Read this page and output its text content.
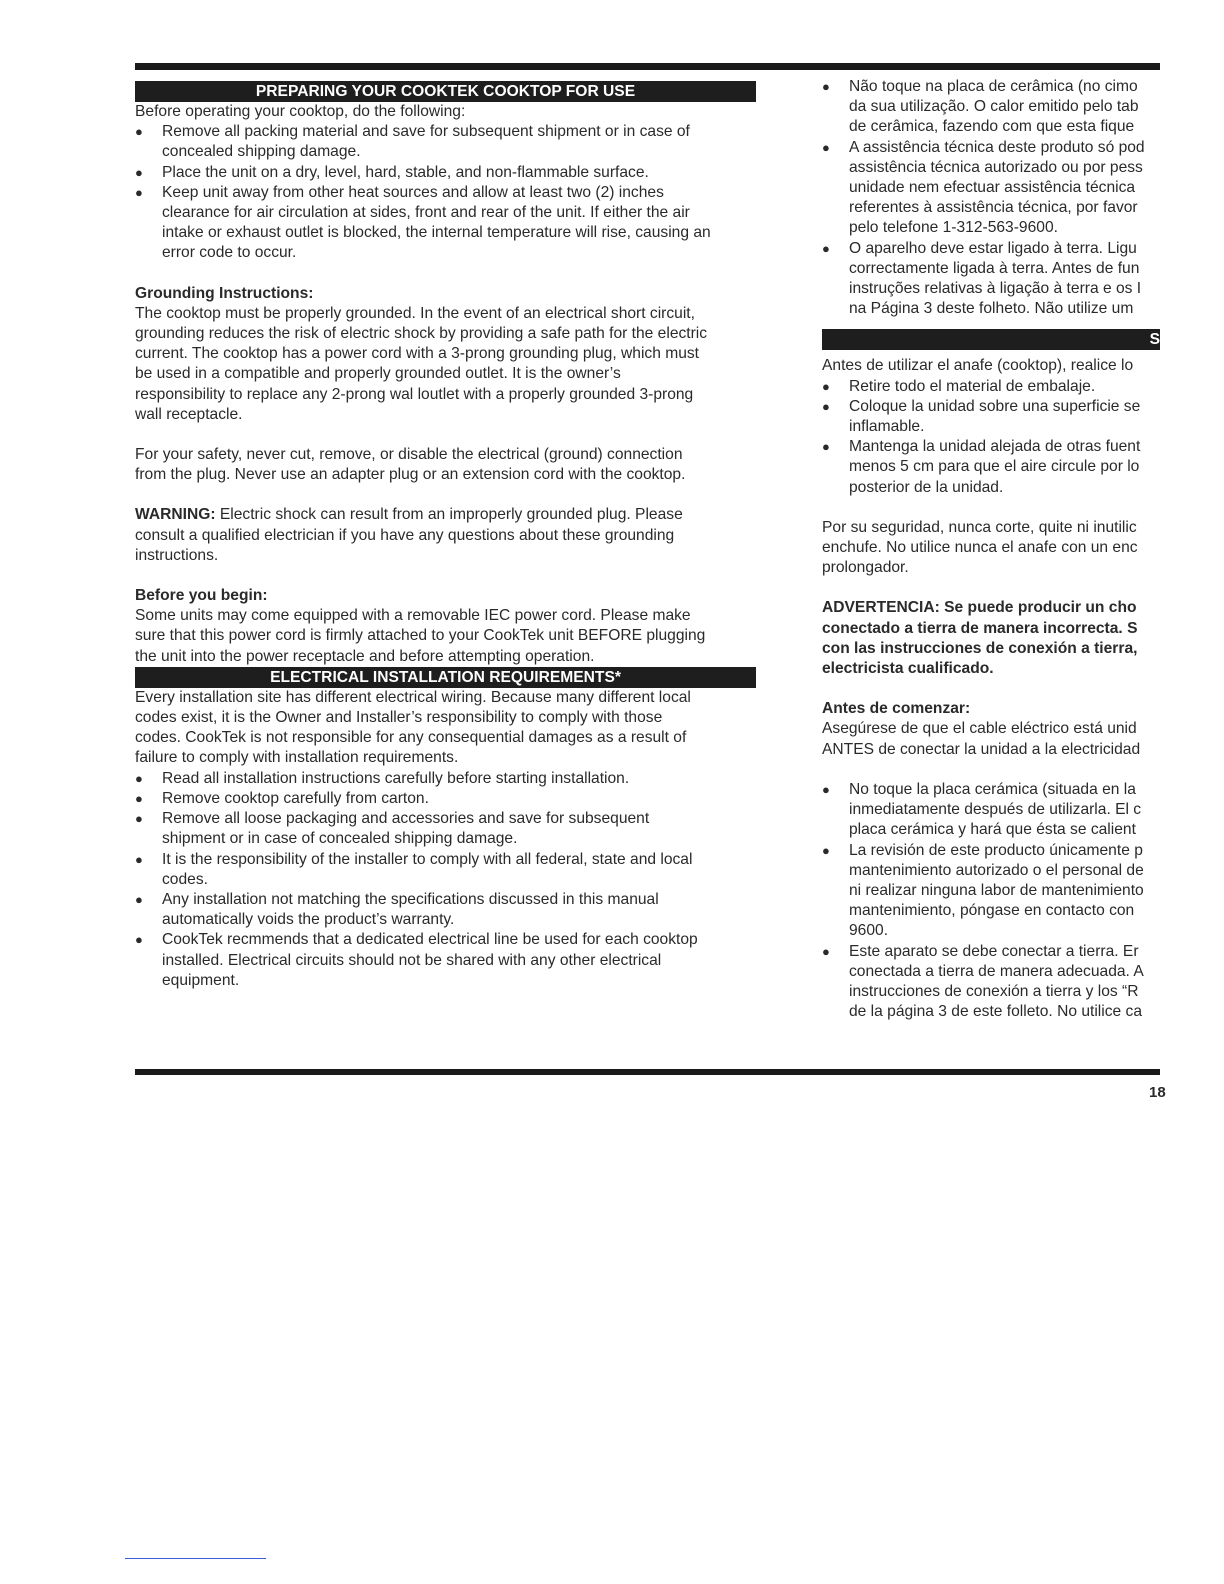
PREPARING YOUR COOKTEK COOKTOP FOR USE

Before operating your cooktop, do the following:

● Remove all packing material and save for subsequent shipment or in case of
concealed shipping damage.
● Place the unit on a dry, level, hard, stable, and non-flammable surface.
● Keep unit away from other heat sources and allow at least two (2) inches
clearance for air circulation at sides, front and rear of the unit. If either the air
intake or exhaust outlet is blocked, the internal temperature will rise, causing an
error code to occur.

Grounding Instructions:

The cooktop must be properly grounded. In the event of an electrical short circuit,
grounding reduces the risk of electric shock by providing a safe path for the electric
current. The cooktop has a power cord with a 3-prong grounding plug, which must
be used in a compatible and properly grounded outlet. It is the owner’s
responsibility to replace any 2-prong wal loutlet with a properly grounded 3-prong
wall receptacle.
For your safety, never cut, remove, or disable the electrical (ground) connection
from the plug. Never use an adapter plug or an extension cord with the cooktop.
WARNING: Electric shock can result from an improperly grounded plug. Please
consult a qualified electrician if you have any questions about these grounding
instructions.

Before you begin:

Some units may come equipped with a removable IEC power cord. Please make
sure that this power cord is firmly attached to your CookTek unit BEFORE plugging
the unit into the power receptacle and before attempting operation.
ELECTRICAL INSTALLATION REQUIREMENTS*
Every installation site has different electrical wiring. Because many different local
codes exist, it is the Owner and Installer’s responsibility to comply with those
codes. CookTek is not responsible for any consequential damages as a result of
failure to comply with installation requirements.
● Read all installation instructions carefully before starting installation.
● Remove cooktop carefully from carton.
● Remove all loose packaging and accessories and save for subsequent
shipment or in case of concealed shipping damage.
● It is the responsibility of the installer to comply with all federal, state and local
codes.
● Any installation not matching the specifications discussed in this manual
automatically voids the product’s warranty.
● CookTek recmmends that a dedicated electrical line be used for each cooktop
installed. Electrical circuits should not be shared with any other electrical
equipment.
● Não toque na placa de cerâmica (no cimo
da sua utilização. O calor emitido pelo tab
de cerâmica, fazendo com que esta fique
● A assistência técnica deste produto só pod
assistência técnica autorizado ou por pess
unidade nem efectuar assistência técnica
referentes à assistência técnica, por favor
pelo telefone 1-312-563-9600.
● O aparelho deve estar ligado à terra. Ligu
correctamente ligada à terra. Antes de fun
instruções relativas à ligação à terra e os I
na Página 3 deste folheto. Não utilize um
S

Antes de utilizar el anafe (cooktop), realice lo

● Retire todo el material de embalaje.
● Coloque la unidad sobre una superficie se
inflamable.
● Mantenga la unidad alejada de otras fuent
menos 5 cm para que el aire circule por lo
posterior de la unidad.
Por su seguridad, nunca corte, quite ni inutilic
enchufe. No utilice nunca el anafe con un enc
prolongador.
ADVERTENCIA: Se puede producir un cho
conectado a tierra de manera incorrecta. S
con las instrucciones de conexión a tierra,
electricista cualificado.

Antes de comenzar:

Asegúrese de que el cable eléctrico está unid
ANTES de conectar la unidad a la electricidad
● No toque la placa cerámica (situada en la
inmediatamente después de utilizarla. El c
placa cerámica y hará que ésta se calient
● La revisión de este producto únicamente p
mantenimiento autorizado o el personal de
ni realizar ninguna labor de mantenimiento
mantenimiento, póngase en contacto con
9600.
● Este aparato se debe conectar a tierra. Er
conectada a tierra de manera adecuada. A
instrucciones de conexión a tierra y los “R
de la página 3 de este folleto. No utilice ca
18
